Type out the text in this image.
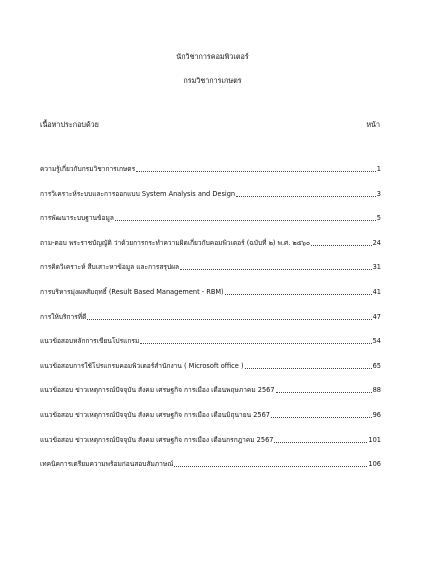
นักวิชาการคอมพิวเตอร์
กรมวิชาการเกษตร
เนื้อหาประกอบด้วย	หน้า
ความรู้เกี่ยวกับกรมวิชาการเกษตร	1
การวิเคราะห์ระบบและการออกแบบ System Analysis and Design	3
การพัฒนาระบบฐานข้อมูล	5
ถาม-ตอบ พระราชบัญญัติ ว่าด้วยการกระทำความผิดเกี่ยวกับคอมพิวเตอร์ (ฉบับที่ ๒) พ.ศ. ๒๕๖๐	24
การคิดวิเคราะห์ สืบเสาะหาข้อมูล และการสรุปผล	31
การบริหารมุ่งผลสัมฤทธิ์ (Result Based Management - RBM)	41
การให้บริการที่ดี	47
แนวข้อสอบหลักการเขียนโปรแกรม	54
แนวข้อสอบการใช้โปรแกรมคอมพิวเตอร์สำนักงาน ( Microsoft office )	65
แนวข้อสอบ ข่าวเหตุการณ์ปัจจุบัน สังคม เศรษฐกิจ การเมือง เดือนพฤษภาคม 2567	88
แนวข้อสอบ ข่าวเหตุการณ์ปัจจุบัน สังคม เศรษฐกิจ การเมือง เดือนมิถุนายน 2567	96
แนวข้อสอบ ข่าวเหตุการณ์ปัจจุบัน สังคม เศรษฐกิจ การเมือง เดือนกรกฎาคม 2567	101
เทคนิคการเตรียมความพร้อมก่อนสอบสัมภาษณ์	106
